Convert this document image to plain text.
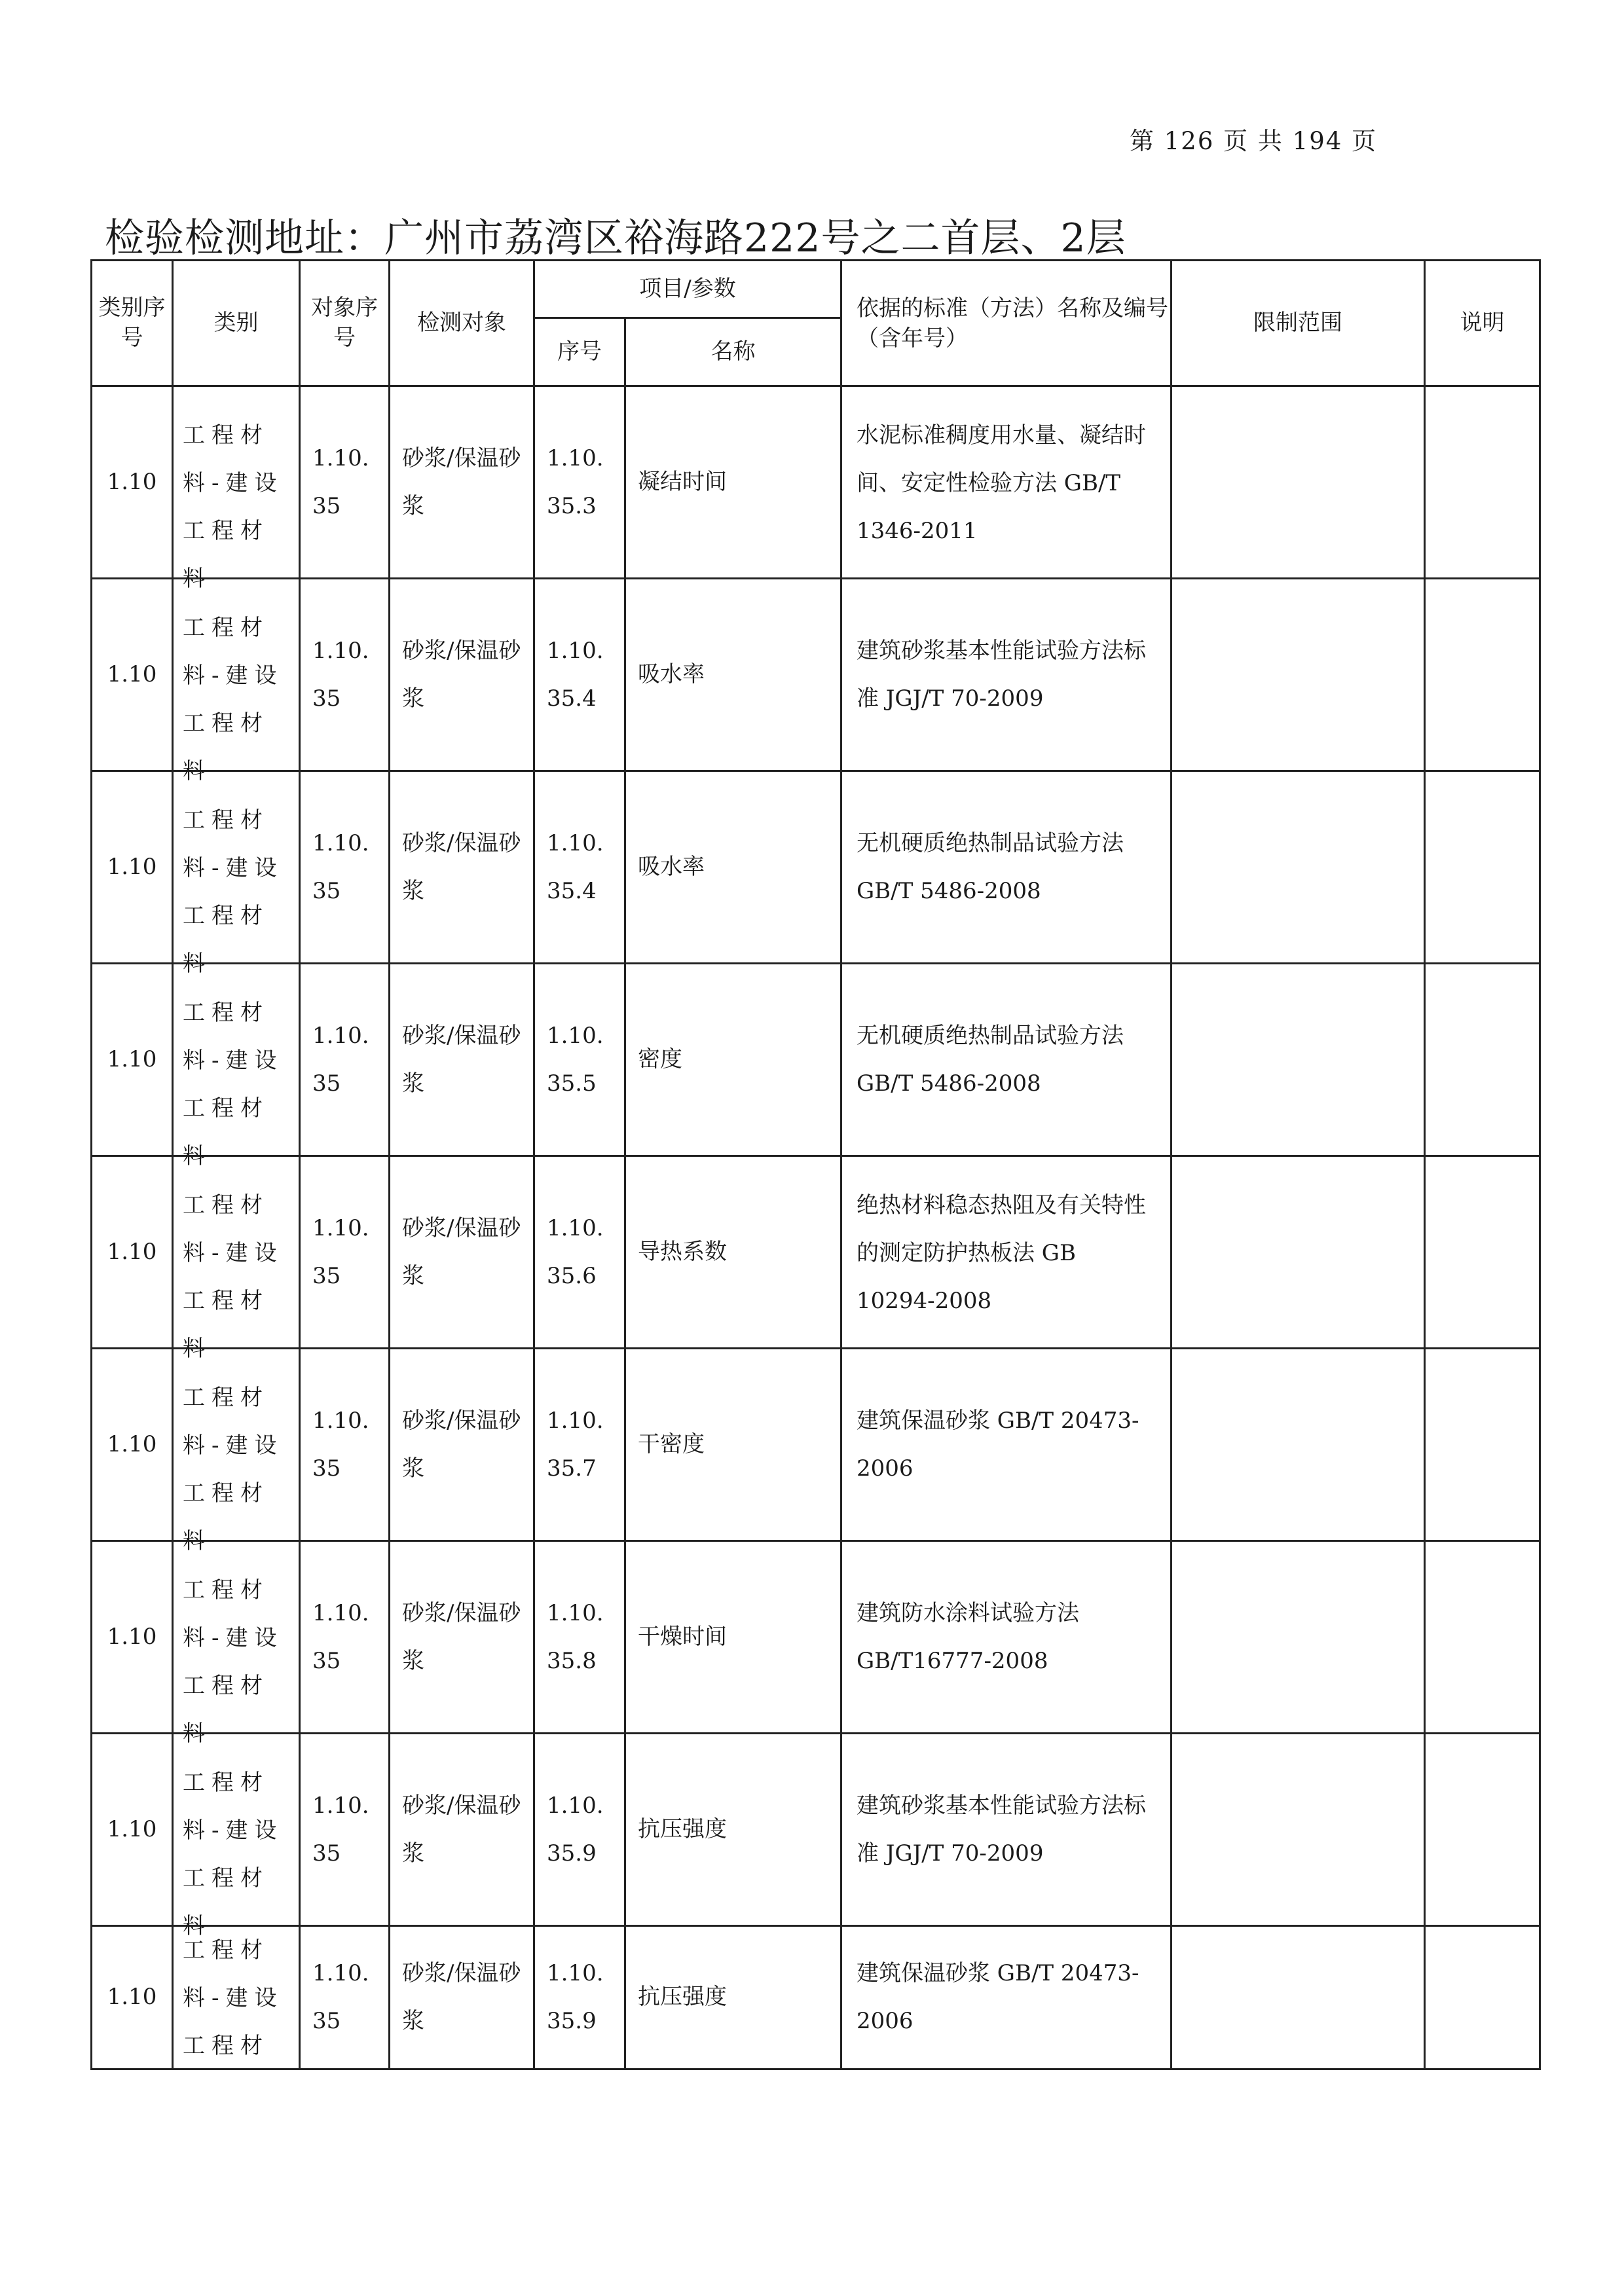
第 126 页 共 194 页
检验检测地址：广州市荔湾区裕海路222号之二首层、2层
类别序号	类别	对象序号	检测对象	项目/参数		依据的标准（方法）名称及编号（含年号）	限制范围	说明
				序号	名称			

1.10	工程材料-建设工程材料	1.10.35	砂浆/保温砂浆	1.10.35.3	凝结时间	水泥标准稠度用水量、凝结时间、安定性检验方法 GB/T 1346-2011		

1.10	工程材料-建设工程材料	1.10.35	砂浆/保温砂浆	1.10.35.4	吸水率	建筑砂浆基本性能试验方法标准 JGJ/T 70-2009		

1.10	工程材料-建设工程材料	1.10.35	砂浆/保温砂浆	1.10.35.4	吸水率	无机硬质绝热制品试验方法 GB/T 5486-2008		

1.10	工程材料-建设工程材料	1.10.35	砂浆/保温砂浆	1.10.35.5	密度	无机硬质绝热制品试验方法 GB/T 5486-2008		

1.10	工程材料-建设工程材料	1.10.35	砂浆/保温砂浆	1.10.35.6	导热系数	绝热材料稳态热阻及有关特性的测定防护热板法 GB 10294-2008		

1.10	工程材料-建设工程材料	1.10.35	砂浆/保温砂浆	1.10.35.7	干密度	建筑保温砂浆 GB/T 20473-2006		

1.10	工程材料-建设工程材料	1.10.35	砂浆/保温砂浆	1.10.35.8	干燥时间	建筑防水涂料试验方法 GB/T16777-2008		

1.10	工程材料-建设工程材料	1.10.35	砂浆/保温砂浆	1.10.35.9	抗压强度	建筑砂浆基本性能试验方法标准 JGJ/T 70-2009		

1.10	工程材料-建设工程材	1.10.35	砂浆/保温砂浆	1.10.35.9	抗压强度	建筑保温砂浆 GB/T 20473-2006		
